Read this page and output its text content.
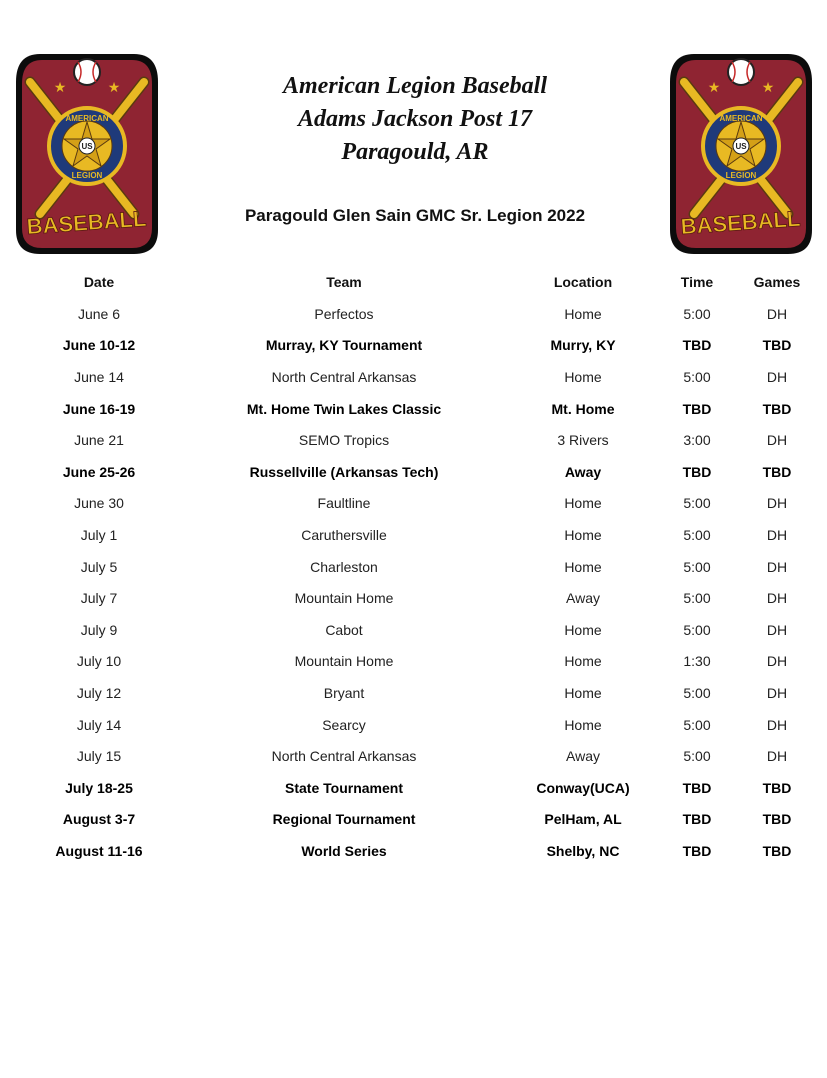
★	★
US
AMERICAN
LEGION
BASEBALL
★	★
US
AMERICAN
LEGION
BASEBALL
American Legion Baseball
Adams Jackson Post 17
Paragould, AR
Paragould Glen Sain GMC Sr. Legion 2022
Date	Team	Location	Time	Games
June 6	Perfectos	Home	5:00	DH
June 10-12	Murray, KY Tournament	Murry, KY	TBD	TBD
June 14	North Central Arkansas	Home	5:00	DH
June 16-19	Mt. Home Twin Lakes Classic	Mt. Home	TBD	TBD
June 21	SEMO Tropics	3 Rivers	3:00	DH
June 25-26	Russellville (Arkansas Tech)	Away	TBD	TBD
June 30	Faultline	Home	5:00	DH
July 1	Caruthersville	Home	5:00	DH
July 5	Charleston	Home	5:00	DH
July 7	Mountain Home	Away	5:00	DH
July 9	Cabot	Home	5:00	DH
July 10	Mountain Home	Home	1:30	DH
July 12	Bryant	Home	5:00	DH
July 14	Searcy	Home	5:00	DH
July 15	North Central Arkansas	Away	5:00	DH
July 18-25	State Tournament	Conway(UCA)	TBD	TBD
August 3-7	Regional Tournament	PelHam, AL	TBD	TBD
August 11-16	World Series	Shelby, NC	TBD	TBD
